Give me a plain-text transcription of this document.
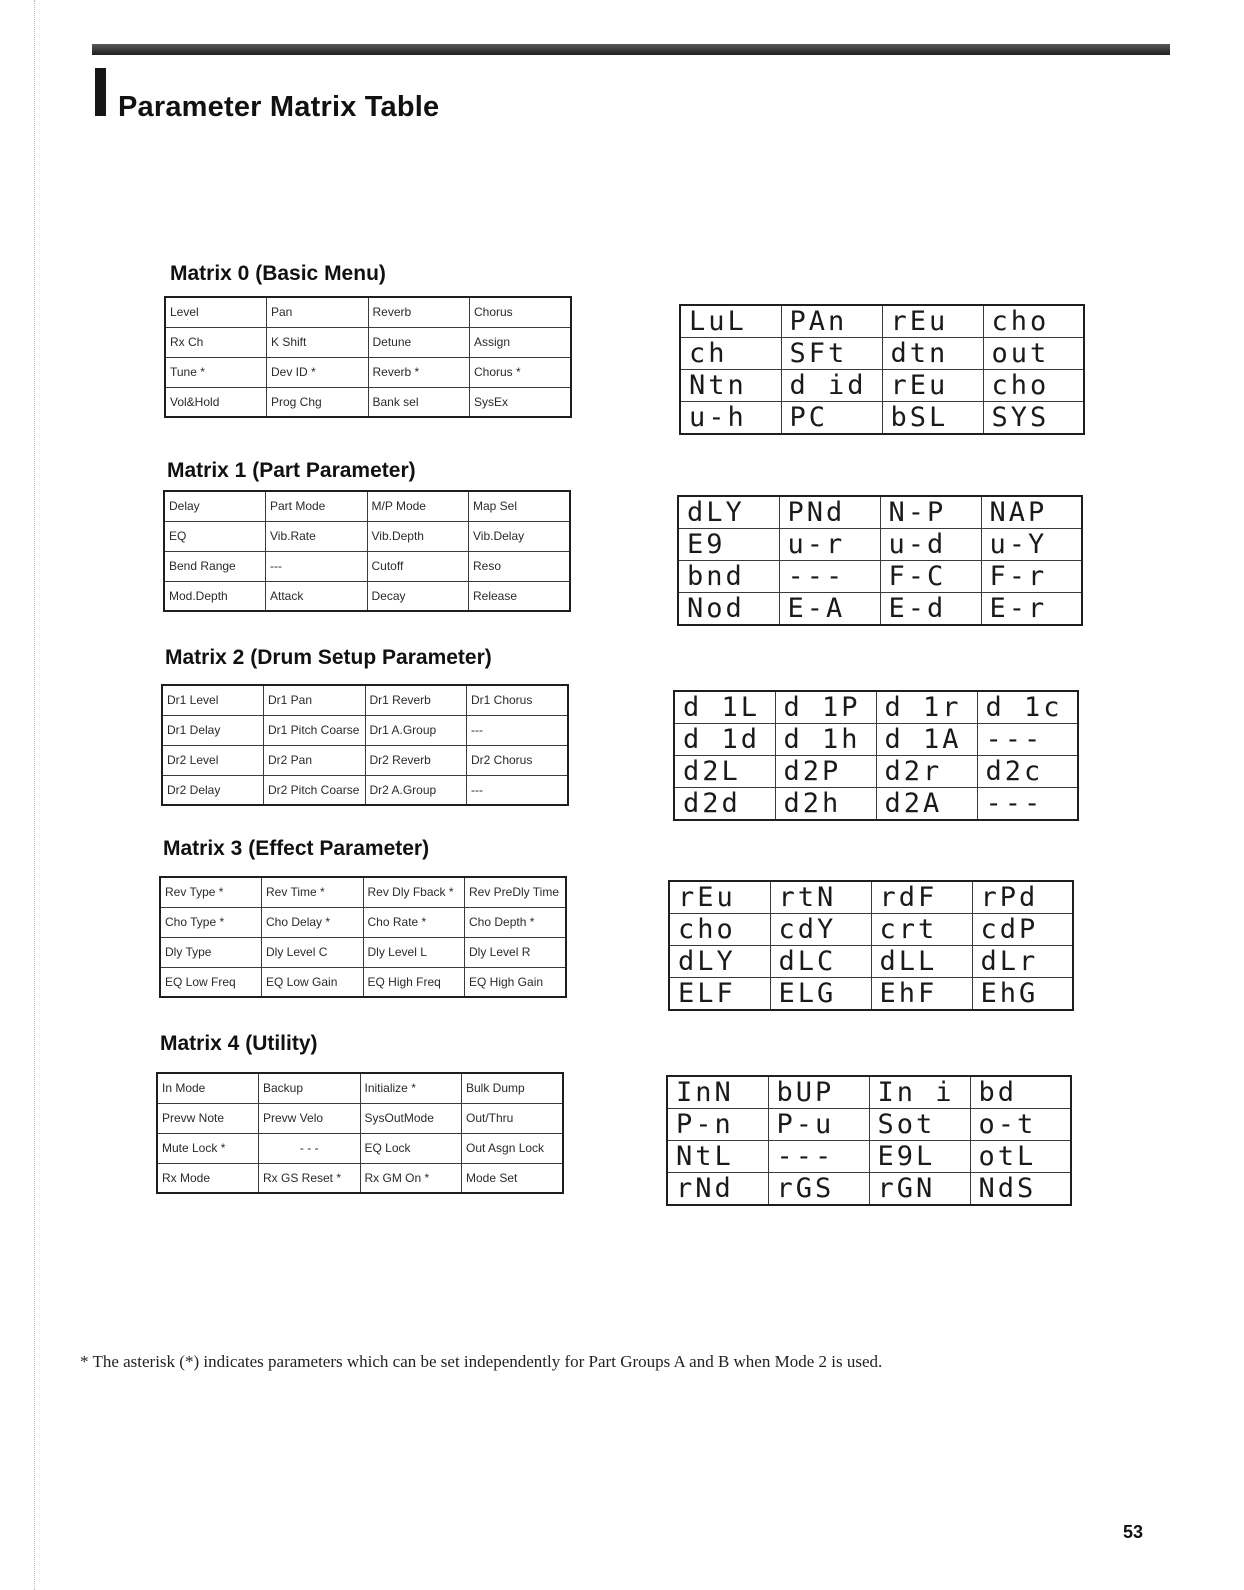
Parameter Matrix Table
Matrix 0 (Basic Menu)
Level	Pan	Reverb	Chorus
Rx Ch	K Shift	Detune	Assign
Tune *	Dev ID *	Reverb *	Chorus *
Vol&Hold	Prog Chg	Bank sel	SysEx
LuL	PAn	rEu	cho
ch	SFt	dtn	out
Ntn	d id	rEu	cho
u-h	PC	bSL	SYS
Matrix 1 (Part Parameter)
Delay	Part Mode	M/P Mode	Map Sel
EQ	Vib.Rate	Vib.Depth	Vib.Delay
Bend Range	---	Cutoff	Reso
Mod.Depth	Attack	Decay	Release
dLY	PNd	N-P	NAP
E9	u-r	u-d	u-Y
bnd	---	F-C	F-r
Nod	E-A	E-d	E-r
Matrix 2 (Drum Setup Parameter)
Dr1 Level	Dr1 Pan	Dr1 Reverb	Dr1 Chorus
Dr1 Delay	Dr1 Pitch Coarse	Dr1 A.Group	---
Dr2 Level	Dr2 Pan	Dr2 Reverb	Dr2 Chorus
Dr2 Delay	Dr2 Pitch Coarse	Dr2 A.Group	---
d 1L	d 1P	d 1r	d 1c
d 1d	d 1h	d 1A	---
d2L	d2P	d2r	d2c
d2d	d2h	d2A	---
Matrix 3 (Effect Parameter)
Rev Type *	Rev Time *	Rev Dly Fback *	Rev PreDly Time
Cho Type *	Cho Delay *	Cho Rate *	Cho Depth *
Dly Type	Dly Level C	Dly Level L	Dly Level R
EQ Low Freq	EQ Low Gain	EQ High Freq	EQ High Gain
rEu	rtN	rdF	rPd
cho	cdY	crt	cdP
dLY	dLC	dLL	dLr
ELF	ELG	EhF	EhG
Matrix 4 (Utility)
In Mode	Backup	Initialize *	Bulk Dump
Prevw Note	Prevw Velo	SysOutMode	Out/Thru
Mute Lock *	- - -	EQ Lock	Out Asgn Lock
Rx Mode	Rx GS Reset *	Rx GM On *	Mode Set
InN	bUP	In i	bd
P-n	P-u	Sot	o-t
NtL	---	E9L	otL
rNd	rGS	rGN	NdS

* The asterisk (*) indicates parameters which can be set independently for Part Groups A and B when Mode 2 is used.

53
